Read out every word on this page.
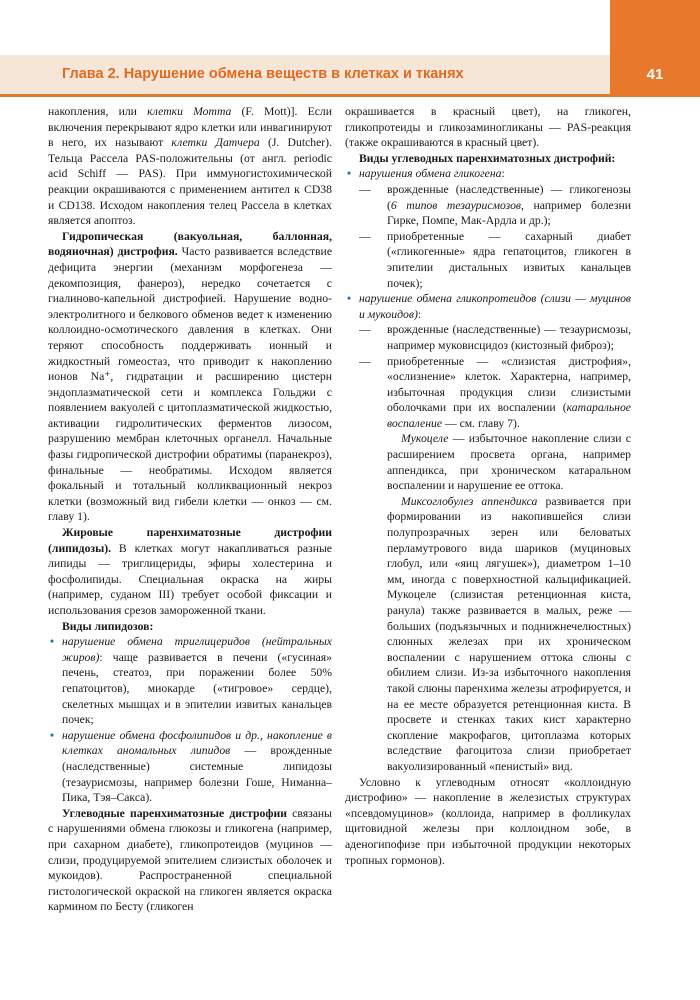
Глава 2. Нарушение обмена веществ в клетках и тканях	41

накопления, или клетки Мотта (F. Mott)]. Если включения перекрывают ядро клетки или инвагинируют в него, их называют клетки Датчера (J. Dutcher). Тельца Рассела PAS-положительны (от англ. periodic acid Schiff — PAS). При иммуногистохимической реакции окрашиваются с применением антител к CD38 и CD138. Исходом накопления телец Рассела в клетках является апоптоз.

Гидропическая (вакуольная, баллонная, водяночная) дистрофия. Часто развивается вследствие дефицита энергии (механизм морфогенеза — декомпозиция, фанероз), нередко сочетается с гиалиново-капельной дистрофией. Нарушение водно-электролитного и белкового обменов ведет к изменению коллоидно-осмотического давления в клетках. Они теряют способность поддерживать ионный и жидкостный гомеостаз, что приводит к накоплению ионов Na⁺, гидратации и расширению цистерн эндоплазматической сети и комплекса Гольджи с появлением вакуолей с цитоплазматической жидкостью, активации гидролитических ферментов лизосом, разрушению мембран клеточных органелл. Начальные фазы гидропической дистрофии обратимы (паранекроз), финальные — необратимы. Исходом является фокальный и тотальный колликвационный некроз клетки (возможный вид гибели клетки — онкоз — см. главу 1).

Жировые паренхиматозные дистрофии (липидозы). В клетках могут накапливаться разные липиды — триглицериды, эфиры холестерина и фосфолипиды. Специальная окраска на жиры (например, суданом III) требует особой фиксации и использования срезов замороженной ткани.

Виды липидозов:
• нарушение обмена триглицеридов (нейтральных жиров): чаще развивается в печени («гусиная» печень, стеатоз, при поражении более 50% гепатоцитов), миокарде («тигровое» сердце), скелетных мышцах и в эпителии извитых канальцев почек;
• нарушение обмена фосфолипидов и др., накопление в клетках аномальных липидов — врожденные (наследственные) системные липидозы (тезаурисмозы, например болезни Гоше, Ниманна–Пика, Тэя–Сакса).

Углеводные паренхиматозные дистрофии связаны с нарушениями обмена глюкозы и гликогена (например, при сахарном диабете), гликопротеидов (муцинов — слизи, продуцируемой эпителием слизистых оболочек и мукоидов). Распространенной специальной гистологической окраской на гликоген является окраска кармином по Бесту (гликоген

окрашивается в красный цвет), на гликоген, гликопротеиды и гликозаминогликаны — PAS-реакция (также окрашиваются в красный цвет).

Виды углеводных паренхиматозных дистрофий:
• нарушения обмена гликогена:
— врожденные (наследственные) — гликогенозы (6 типов тезаурисмозов, например болезни Гирке, Помпе, Мак-Ардла и др.);
— приобретенные — сахарный диабет («гликогенные» ядра гепатоцитов, гликоген в эпителии дистальных извитых канальцев почек);
• нарушение обмена гликопротеидов (слизи — муцинов и мукоидов):
— врожденные (наследственные) — тезаурисмозы, например муковисцидоз (кистозный фиброз);
— приобретенные — «слизистая дистрофия», «ослизнение» клеток. Характерна, например, избыточная продукция слизи слизистыми оболочками при их воспалении (катаральное воспаление — см. главу 7).
Мукоцеле — избыточное накопление слизи с расширением просвета органа, например аппендикса, при хроническом катаральном воспалении и нарушение ее оттока.
Миксоглобулез аппендикса развивается при формировании из накопившейся слизи полупрозрачных зерен или беловатых перламутрового вида шариков (муциновых глобул, или «яиц лягушек»), диаметром 1–10 мм, иногда с поверхностной кальцификацией. Мукоцеле (слизистая ретенционная киста, ранула) также развивается в малых, реже — больших (подъязычных и поднижнечелюстных) слюнных железах при их хроническом воспалении с нарушением оттока слюны с обилием слизи. Из-за избыточного накопления такой слюны паренхима железы атрофируется, и на ее месте образуется ретенционная киста. В просвете и стенках таких кист характерно скопление макрофагов, цитоплазма которых вследствие фагоцитоза слизи приобретает вакуолизированный «пенистый» вид.

Условно к углеводным относят «коллоидную дистрофию» — накопление в железистых структурах «псевдомуцинов» (коллоида, например в фолликулах щитовидной железы при коллоидном зобе, в аденогипофизе при избыточной продукции некоторых тропных гормонов).
